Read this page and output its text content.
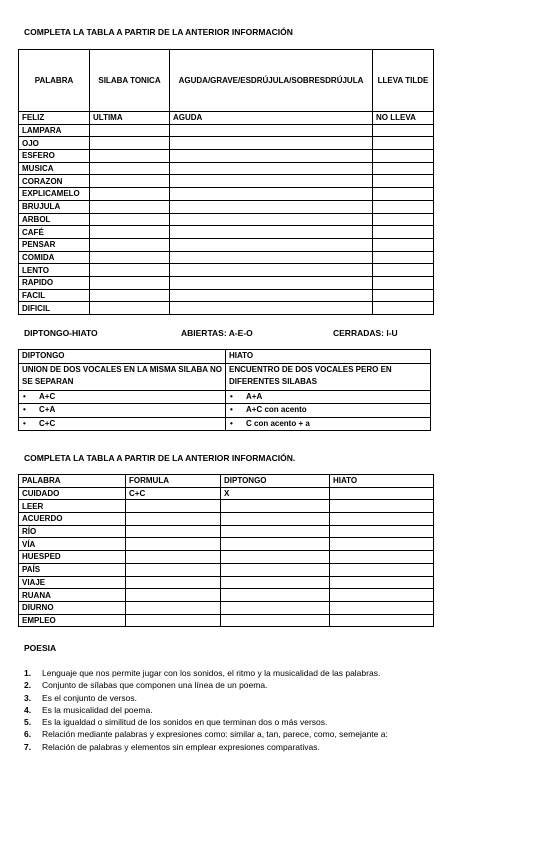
COMPLETA LA TABLA A PARTIR DE LA ANTERIOR INFORMACIÓN
PALABRA	SILABA TONICA	AGUDA/GRAVE/ESDRÚJULA/SOBRESDRÚJULA	LLEVA TILDE
FELIZ	ULTIMA	AGUDA	NO LLEVA
LAMPARA			
OJO			
ESFERO			
MUSICA			
CORAZON			
EXPLICAMELO			
BRUJULA			
ARBOL			
CAFÉ			
PENSAR			
COMIDA			
LENTO			
RAPIDO			
FACIL			
DIFICIL			
DIPTONGO-HIATO	ABIERTAS: A-E-O	CERRADAS: I-U
DIPTONGO	HIATO
UNION DE DOS VOCALES EN LA MISMA SILABA NO SE SEPARAN	ENCUENTRO DE DOS VOCALES PERO EN DIFERENTES SILABAS
• A+C	• A+A
• C+A	• A+C con acento
• C+C	• C con acento + a
COMPLETA LA TABLA A PARTIR DE LA ANTERIOR INFORMACIÓN.
PALABRA	FORMULA	DIPTONGO	HIATO
CUIDADO	C+C	X	
LEER			
ACUERDO			
RÍO			
VÍA			
HUESPED			
PAÍS			
VIAJE			
RUANA			
DIURNO			
EMPLEO			
POESIA
1. Lenguaje que nos permite jugar con los sonidos, el ritmo y la musicalidad de las palabras.
2. Conjunto de sílabas que componen una línea de un poema.
3. Es el conjunto de versos.
4. Es la musicalidad del poema.
5. Es la igualdad o similitud de los sonidos en que terminan dos o más versos.
6. Relación mediante palabras y expresiones como: similar a, tan, parece, como, semejante a:
7. Relación de palabras y elementos sin emplear expresiones comparativas.
